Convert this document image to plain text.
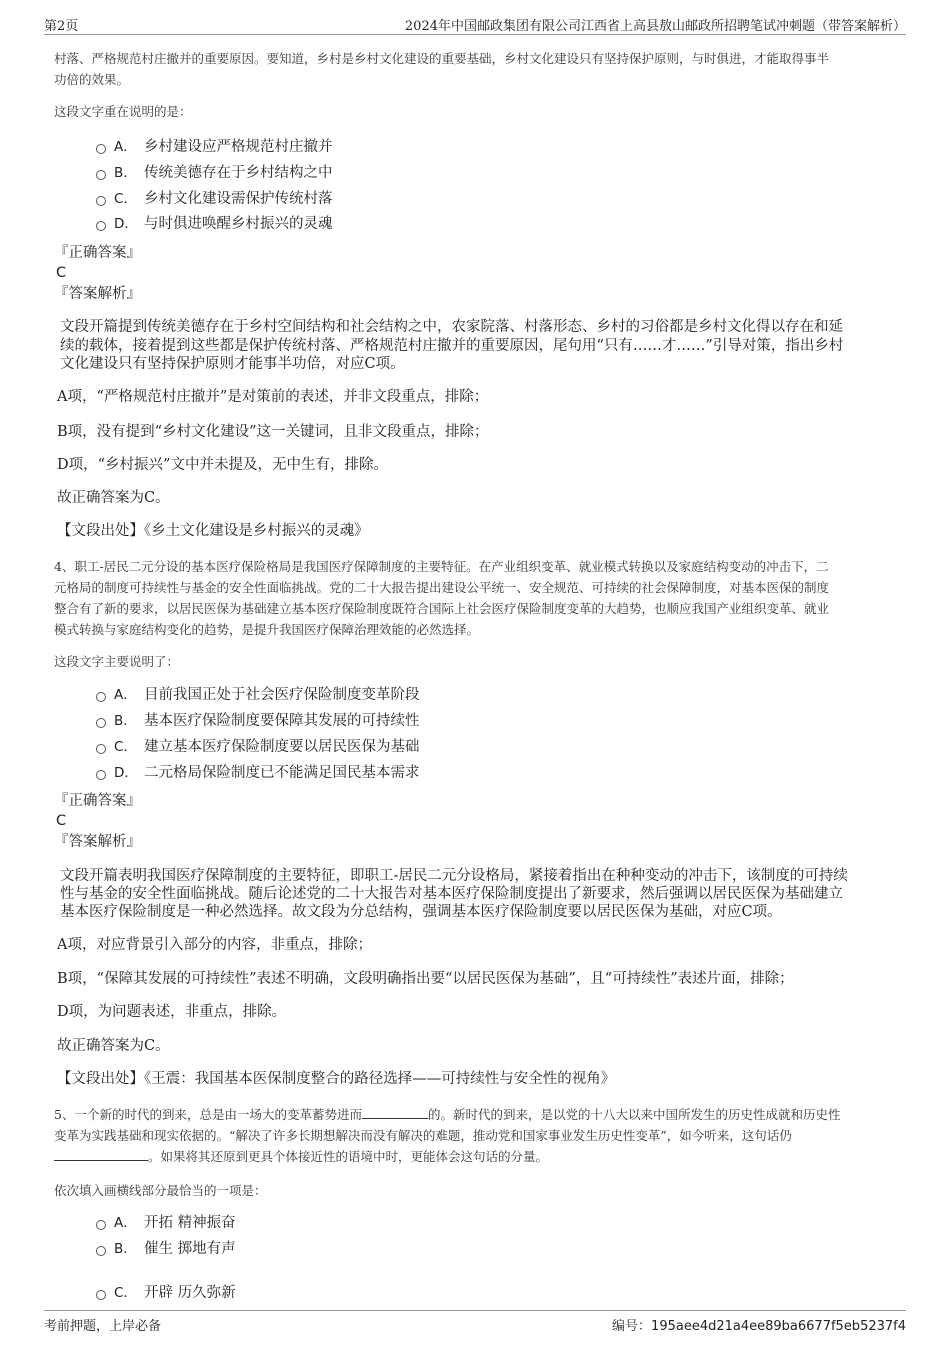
第2页	2024年中国邮政集团有限公司江西省上高县敖山邮政所招聘笔试冲刺题（带答案解析）
村落、严格规范村庄撤并的重要原因。要知道，乡村是乡村文化建设的重要基础，乡村文化建设只有坚持保护原则，与时俱进，才能取得事半
功倍的效果。
这段文字重在说明的是：
A． 乡村建设应严格规范村庄撤并
B． 传统美德存在于乡村结构之中
C． 乡村文化建设需保护传统村落
D． 与时俱进唤醒乡村振兴的灵魂
『正确答案』
C
『答案解析』
文段开篇提到传统美德存在于乡村空间结构和社会结构之中，农家院落、村落形态、乡村的习俗都是乡村文化得以存在和延
续的载体，接着提到这些都是保护传统村落、严格规范村庄撤并的重要原因，尾句用“只有……才……”引导对策，指出乡村
文化建设只有坚持保护原则才能事半功倍，对应C项。
A项，“严格规范村庄撤并”是对策前的表述，并非文段重点，排除；
B项，没有提到“乡村文化建设”这一关键词，且非文段重点，排除；
D项，“乡村振兴”文中并未提及，无中生有，排除。
故正确答案为C。
【文段出处】《乡土文化建设是乡村振兴的灵魂》
4、职工-居民二元分设的基本医疗保险格局是我国医疗保障制度的主要特征。在产业组织变革、就业模式转换以及家庭结构变动的冲击下，二
元格局的制度可持续性与基金的安全性面临挑战。党的二十大报告提出建设公平统一、安全规范、可持续的社会保障制度，对基本医保的制度
整合有了新的要求，以居民医保为基础建立基本医疗保险制度既符合国际上社会医疗保险制度变革的大趋势，也顺应我国产业组织变革、就业
模式转换与家庭结构变化的趋势，是提升我国医疗保障治理效能的必然选择。
这段文字主要说明了：
A． 目前我国正处于社会医疗保险制度变革阶段
B． 基本医疗保险制度要保障其发展的可持续性
C． 建立基本医疗保险制度要以居民医保为基础
D． 二元格局保险制度已不能满足国民基本需求
『正确答案』
C
『答案解析』
文段开篇表明我国医疗保障制度的主要特征，即职工-居民二元分设格局，紧接着指出在种种变动的冲击下，该制度的可持续
性与基金的安全性面临挑战。随后论述党的二十大报告对基本医疗保险制度提出了新要求，然后强调以居民医保为基础建立
基本医疗保险制度是一种必然选择。故文段为分总结构，强调基本医疗保险制度要以居民医保为基础，对应C项。
A项，对应背景引入部分的内容，非重点，排除；
B项，“保障其发展的可持续性”表述不明确，文段明确指出要“以居民医保为基础”，且“可持续性”表述片面，排除；
D项，为问题表述，非重点，排除。
故正确答案为C。
【文段出处】《王震：我国基本医保制度整合的路径选择——可持续性与安全性的视角》
5、一个新的时代的到来，总是由一场大的变革蓄势进而	的。新时代的到来，是以党的十八大以来中国所发生的历史性成就和历史性
变革为实践基础和现实依据的。“解决了许多长期想解决而没有解决的难题，推动党和国家事业发生历史性变革”，如今听来，这句话仍
。如果将其还原到更具个体接近性的语境中时，更能体会这句话的分量。
依次填入画横线部分最恰当的一项是：
A． 开拓 精神振奋
B． 催生 掷地有声
C． 开辟 历久弥新
考前押题，上岸必备	编号：195aee4d21a4ee89ba6677f5eb5237f4
